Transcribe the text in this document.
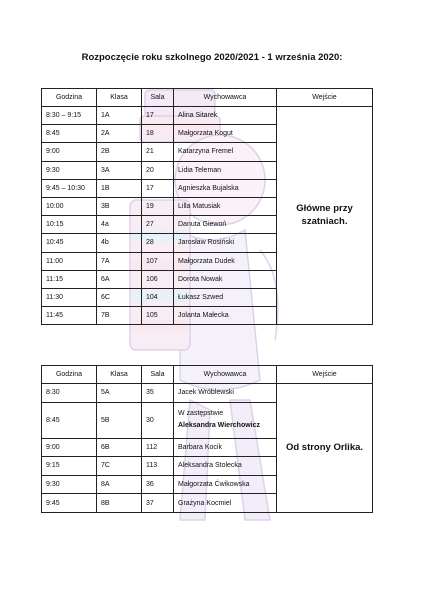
Rozpoczęcie roku szkolnego 2020/2021 - 1 września 2020:
Godzina	Klasa	Sala	Wychowawca	Wejście
8:30 – 9:15	1A	17	Alina Sitarek	Główne przy szatniach.
8:45	2A	18	Małgorzata Kogut	
9:00	2B	21	Katarzyna Fremel	
9:30	3A	20	Lidia Teleman	
9:45 – 10:30	1B	17	Agnieszka Bujalska	
10:00	3B	19	Lilla Matusiak	
10:15	4a	27	Danuta Giewoń	
10:45	4b	28	Jarosław Rosiński	
11:00	7A	107	Małgorzata Dudek	
11:15	6A	106	Dorota Nowak	
11:30	6C	104	Łukasz Szwed	
11:45	7B	105	Jolanta Małecka	
Godzina	Klasa	Sala	Wychowawca	Wejście
8:30	5A	35	Jacek Wróblewski	Od strony Orlika.
8:45	5B	30	W zastępstwie
Aleksandra Wierchowicz	

9:00	6B	112	Barbara Kocik	
9:15	7C	113	Aleksandra Stolecka	
9:30	8A	36	Małgorzata Ćwikowska	
9:45	8B	37	Grażyna Kocmiel	
